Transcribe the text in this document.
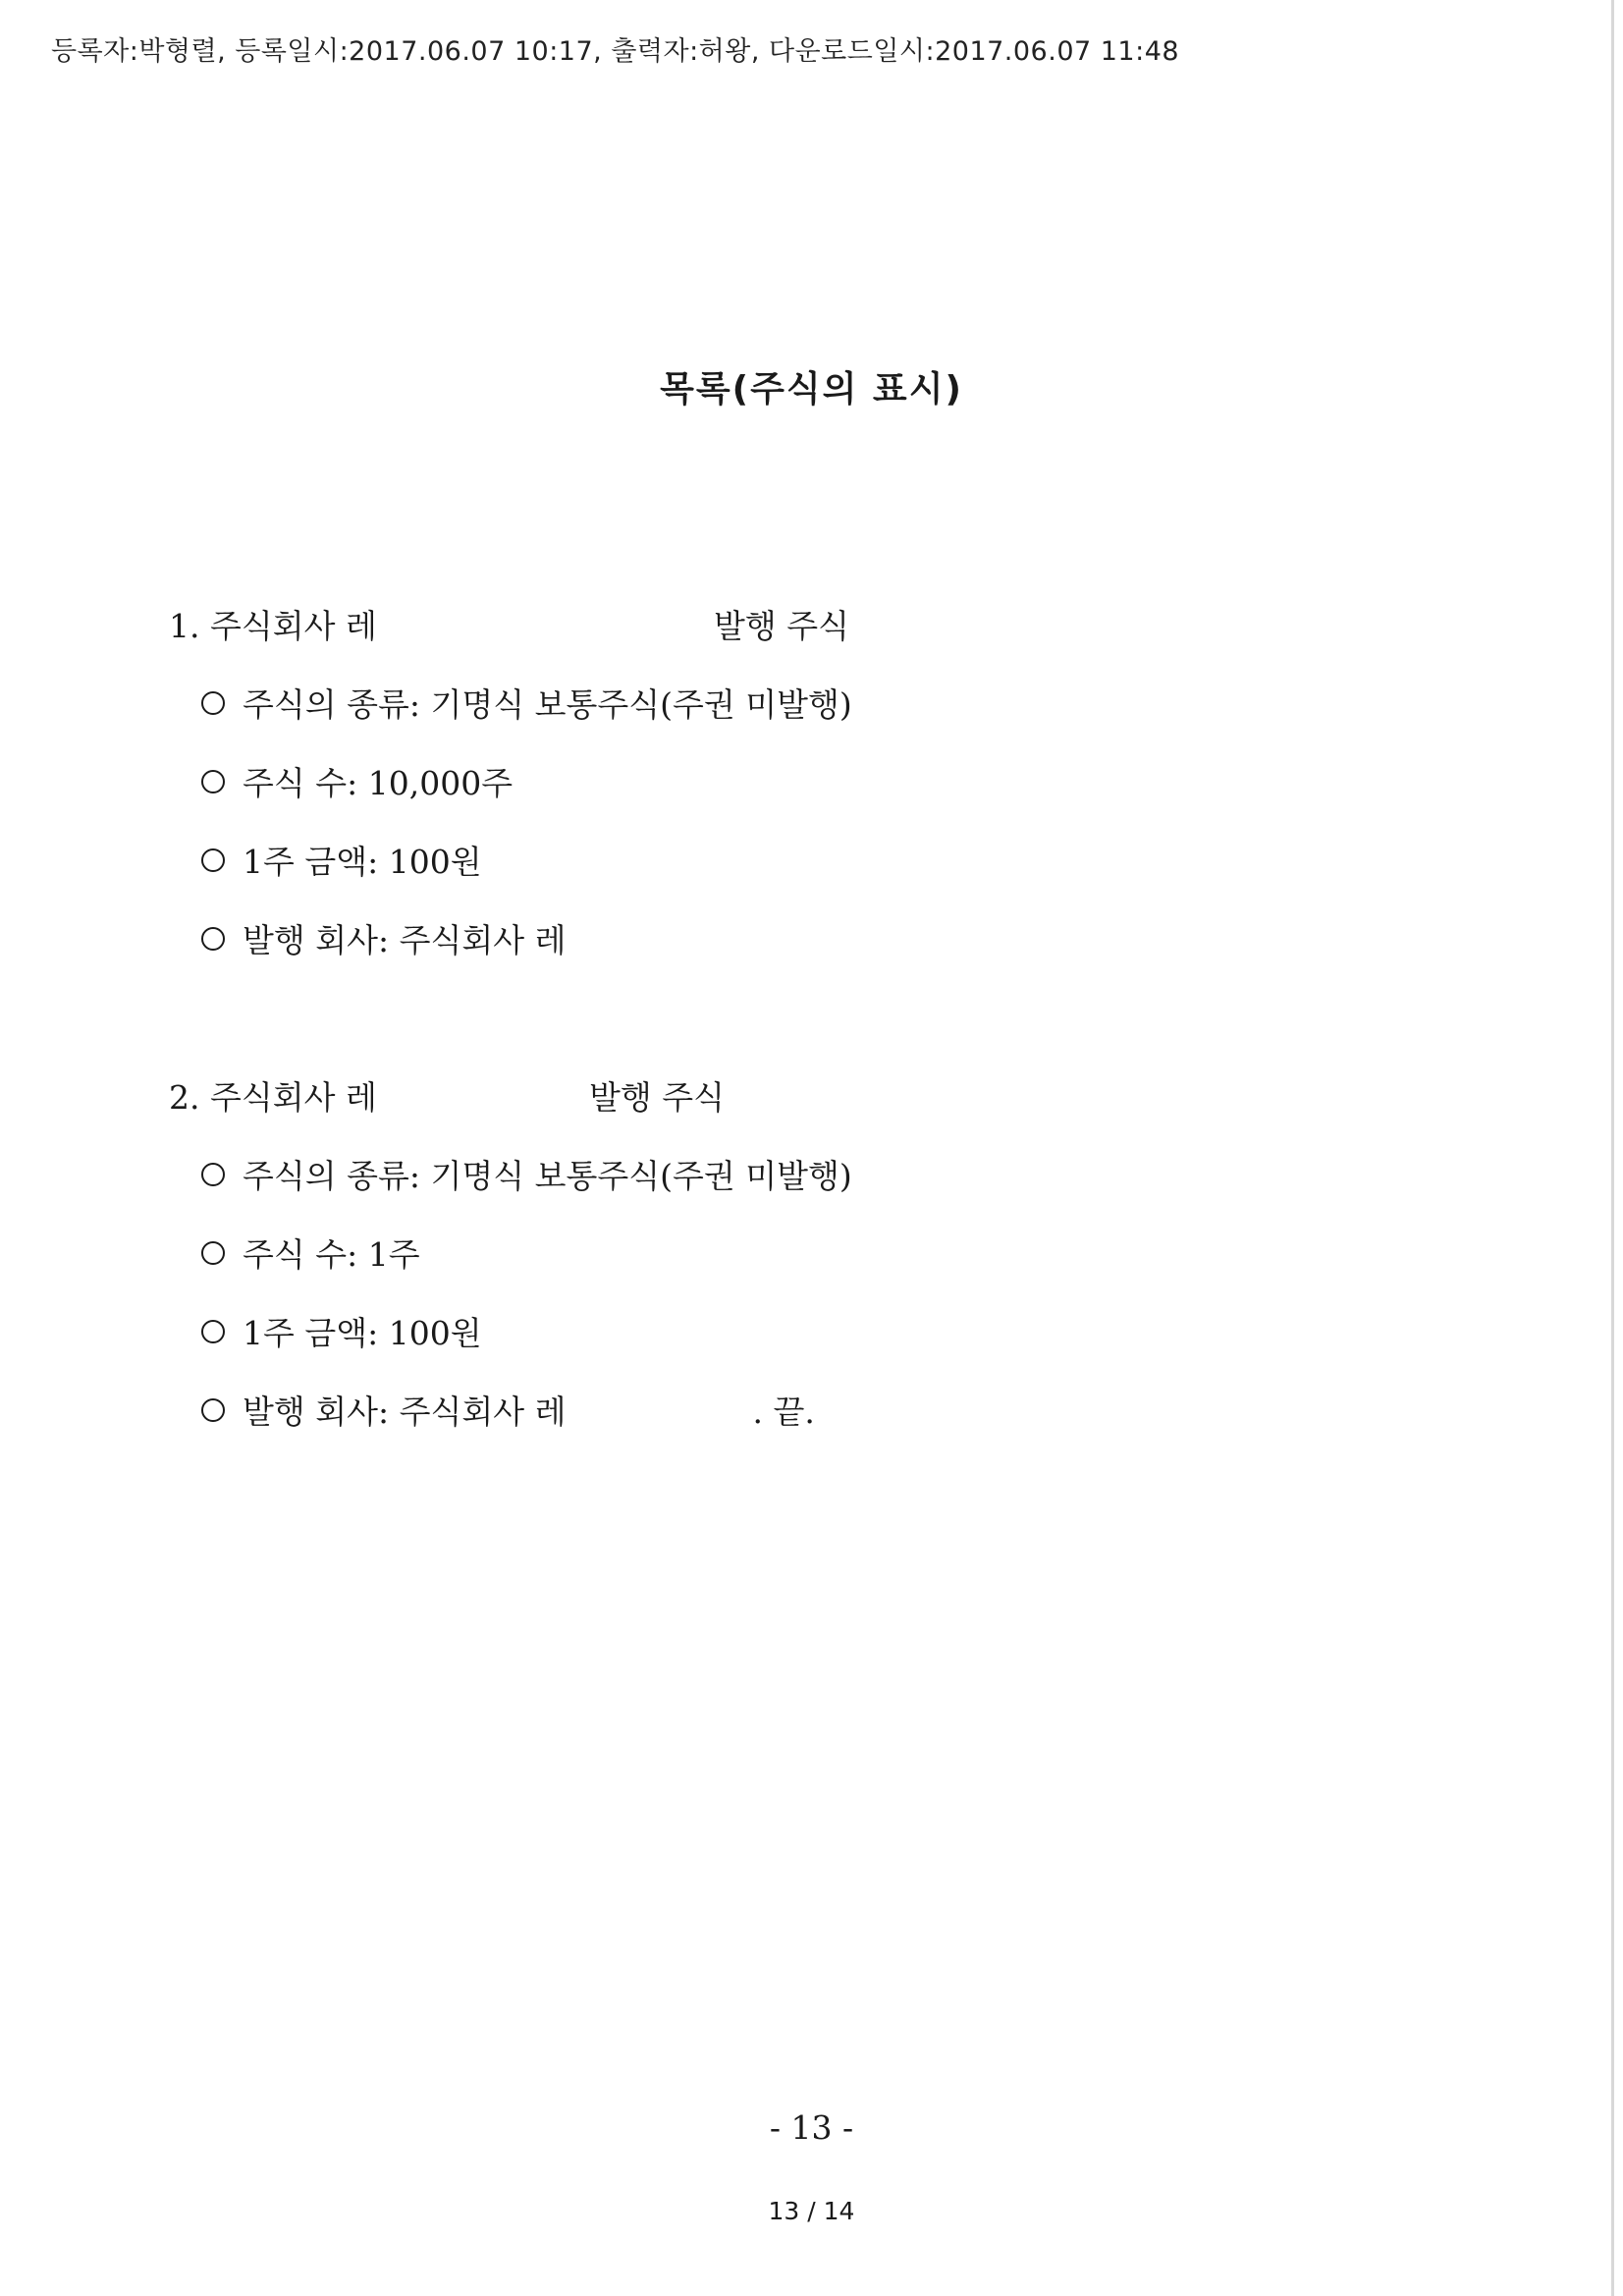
등록자:박형렬, 등록일시:2017.06.07 10:17, 출력자:허왕, 다운로드일시:2017.06.07 11:48
목록(주식의 표시)
1. 주식회사 레	발행 주식
주식의 종류: 기명식 보통주식(주권 미발행)
주식 수: 10,000주
1주 금액: 100원
발행 회사: 주식회사 레
2. 주식회사 레	발행 주식
주식의 종류: 기명식 보통주식(주권 미발행)
주식 수: 1주
1주 금액: 100원
발행 회사: 주식회사 레	. 끝.
- 13 -
13 / 14
